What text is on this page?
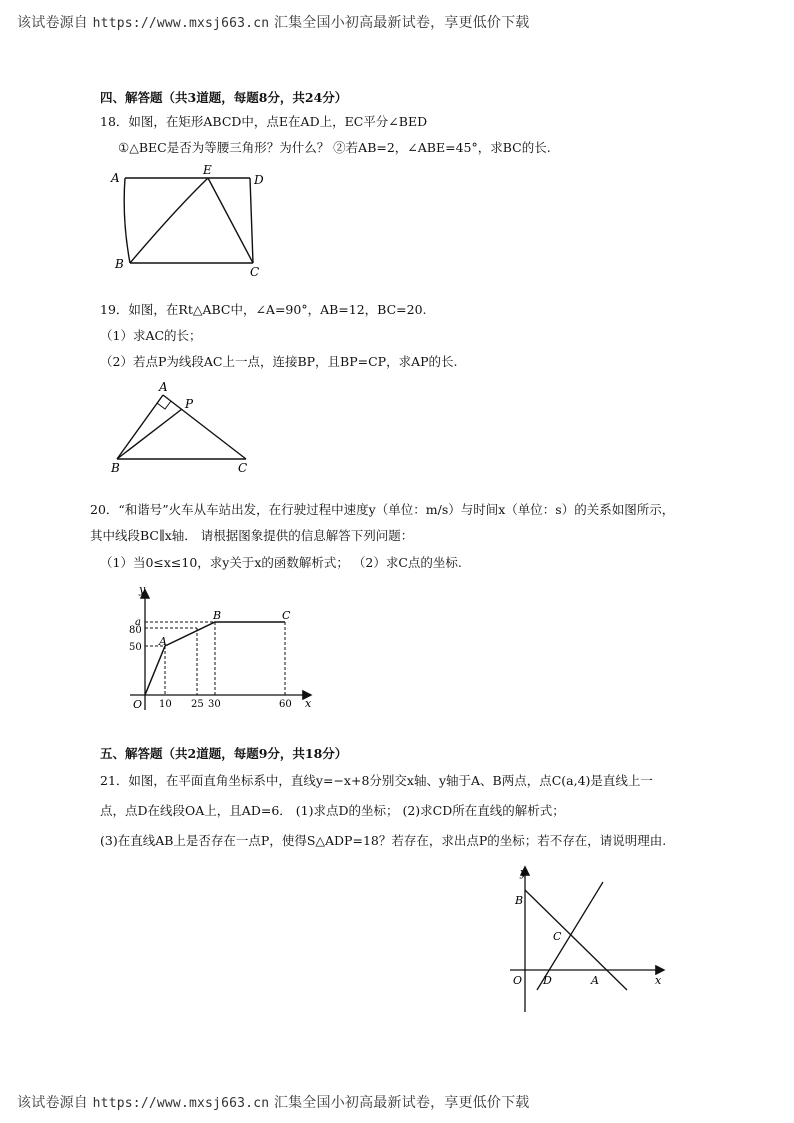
该试卷源自 https://www.mxsj663.cn 汇集全国小初高最新试卷，享更低价下载
四、解答题（共3道题，每题8分，共24分）
18．如图，在矩形ABCD中，点E在AD上，EC平分∠BED
①△BEC是否为等腰三角形？为什么？ ②若AB=2，∠ABE=45°，求BC的长.
A
E
D
B
C
19．如图，在Rt△ABC中，∠A=90°，AB=12，BC=20.
（1）求AC的长；
（2）若点P为线段AC上一点，连接BP，且BP=CP，求AP的长.
A
P
B	C
20．“和谐号”火车从车站出发，在行驶过程中速度y（单位：m/s）与时间x（单位：s）的关系如图所示，
其中线段BC∥x轴． 请根据图象提供的信息解答下列问题：
（1）当0≤x≤10，求y关于x的函数解析式； （2）求C点的坐标.
y
x
O
a
80
50
10 25 30	60
A
B	C
五、解答题（共2道题，每题9分，共18分）
21．如图，在平面直角坐标系中，直线y=−x+8分别交x轴、y轴于A、B两点，点C(a,4)是直线上一
点，点D在线段OA上，且AD=6． (1)求点D的坐标； (2)求CD所在直线的解析式；
(3)在直线AB上是否存在一点P，使得S△ADP=18？若存在，求出点P的坐标；若不存在，请说明理由.
y
x
O
B
C
D	A
该试卷源自 https://www.mxsj663.cn 汇集全国小初高最新试卷，享更低价下载
